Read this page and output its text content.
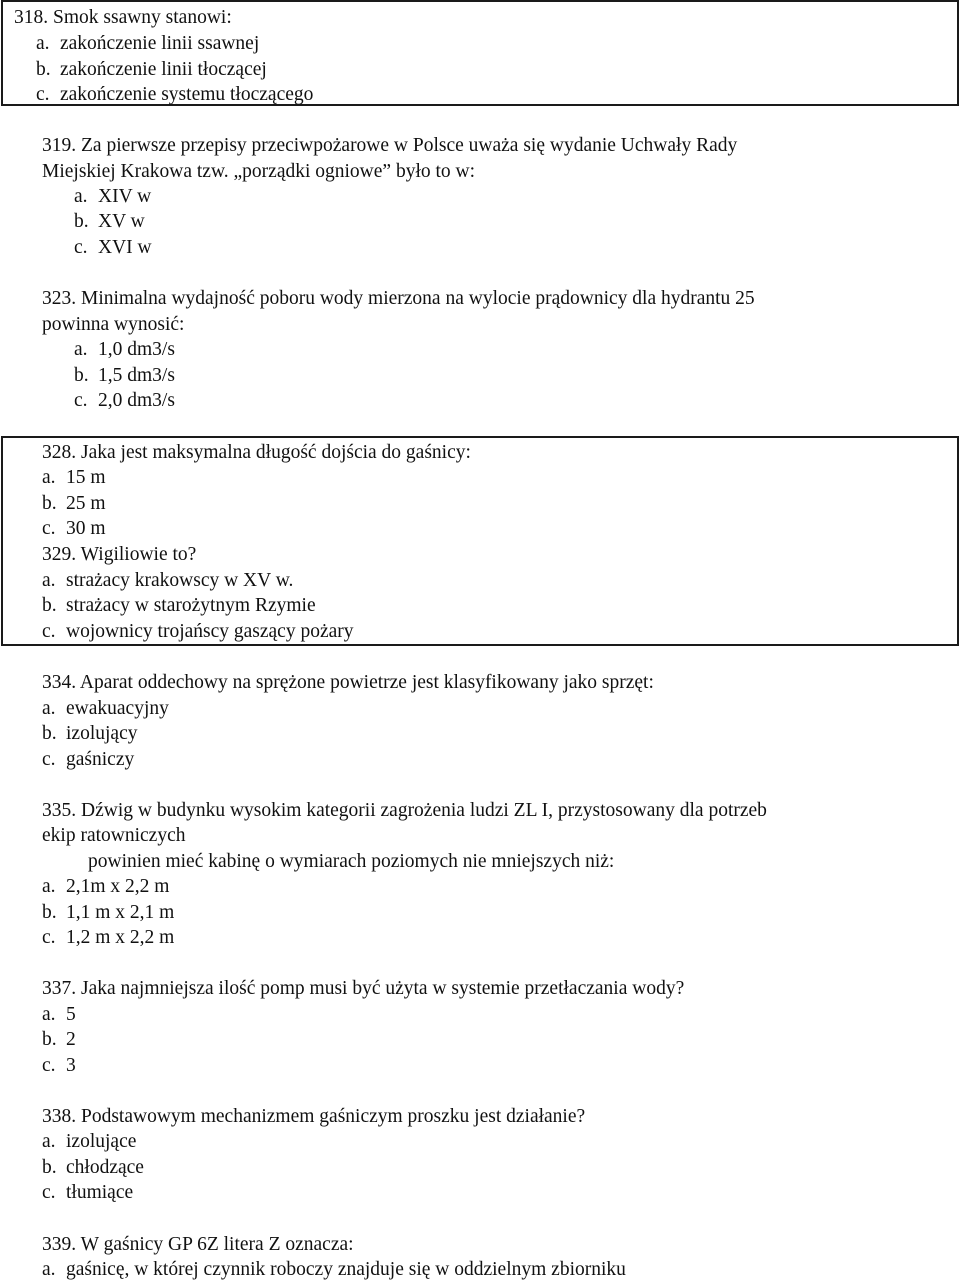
318. Smok ssawny stanowi:
a. zakończenie linii ssawnej
b. zakończenie linii tłoczącej
c. zakończenie systemu tłoczącego
319. Za pierwsze przepisy przeciwpożarowe w Polsce uważa się wydanie Uchwały Rady
Miejskiej Krakowa tzw. „porządki ogniowe” było to w:
a. XIV w
b. XV w
c. XVI w
323. Minimalna wydajność poboru wody mierzona na wylocie prądownicy dla hydrantu 25
powinna wynosić:
a. 1,0 dm3/s
b. 1,5 dm3/s
c. 2,0 dm3/s
328. Jaka jest maksymalna długość dojścia do gaśnicy:
a. 15 m
b. 25 m
c. 30 m
329. Wigiliowie to?
a. strażacy krakowscy w XV w.
b. strażacy w starożytnym Rzymie
c. wojownicy trojańscy gaszący pożary
334. Aparat oddechowy na sprężone powietrze jest klasyfikowany jako sprzęt:
a. ewakuacyjny
b. izolujący
c. gaśniczy
335. Dźwig w budynku wysokim kategorii zagrożenia ludzi ZL I, przystosowany dla potrzeb
ekip ratowniczych
powinien mieć kabinę o wymiarach poziomych nie mniejszych niż:
a. 2,1m x 2,2 m
b. 1,1 m x 2,1 m
c. 1,2 m x 2,2 m
337. Jaka najmniejsza ilość pomp musi być użyta w systemie przetłaczania wody?
a. 5
b. 2
c. 3
338. Podstawowym mechanizmem gaśniczym proszku jest działanie?
a. izolujące
b. chłodzące
c. tłumiące
339. W gaśnicy GP 6Z litera Z oznacza:
a. gaśnicę, w której czynnik roboczy znajduje się w oddzielnym zbiorniku
